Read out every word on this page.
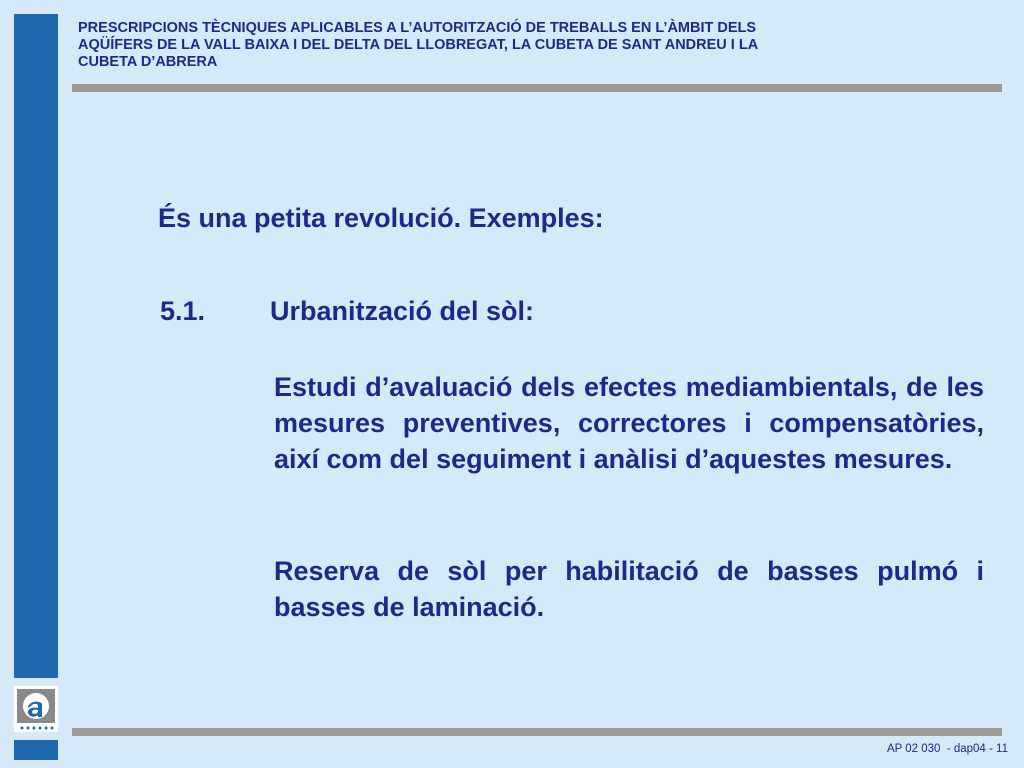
PRESCRIPCIONS TÈCNIQUES APLICABLES A L’AUTORITZACIÓ DE TREBALLS EN L’ÀMBIT DELS
AQÜÍFERS DE LA VALL BAIXA I DEL DELTA DEL LLOBREGAT, LA CUBETA DE SANT ANDREU I LA
CUBETA D’ABRERA
És una petita revolució. Exemples:
5.1. Urbanització del sòl:

Estudi d’avaluació dels efectes mediambientals, de les mesures preventives, correctores i compensatòries, així com del seguiment i anàlisi d’aquestes mesures.

Reserva de sòl per habilitació de basses pulmó i basses de laminació.

AP 02 030  - dap04 - 11
